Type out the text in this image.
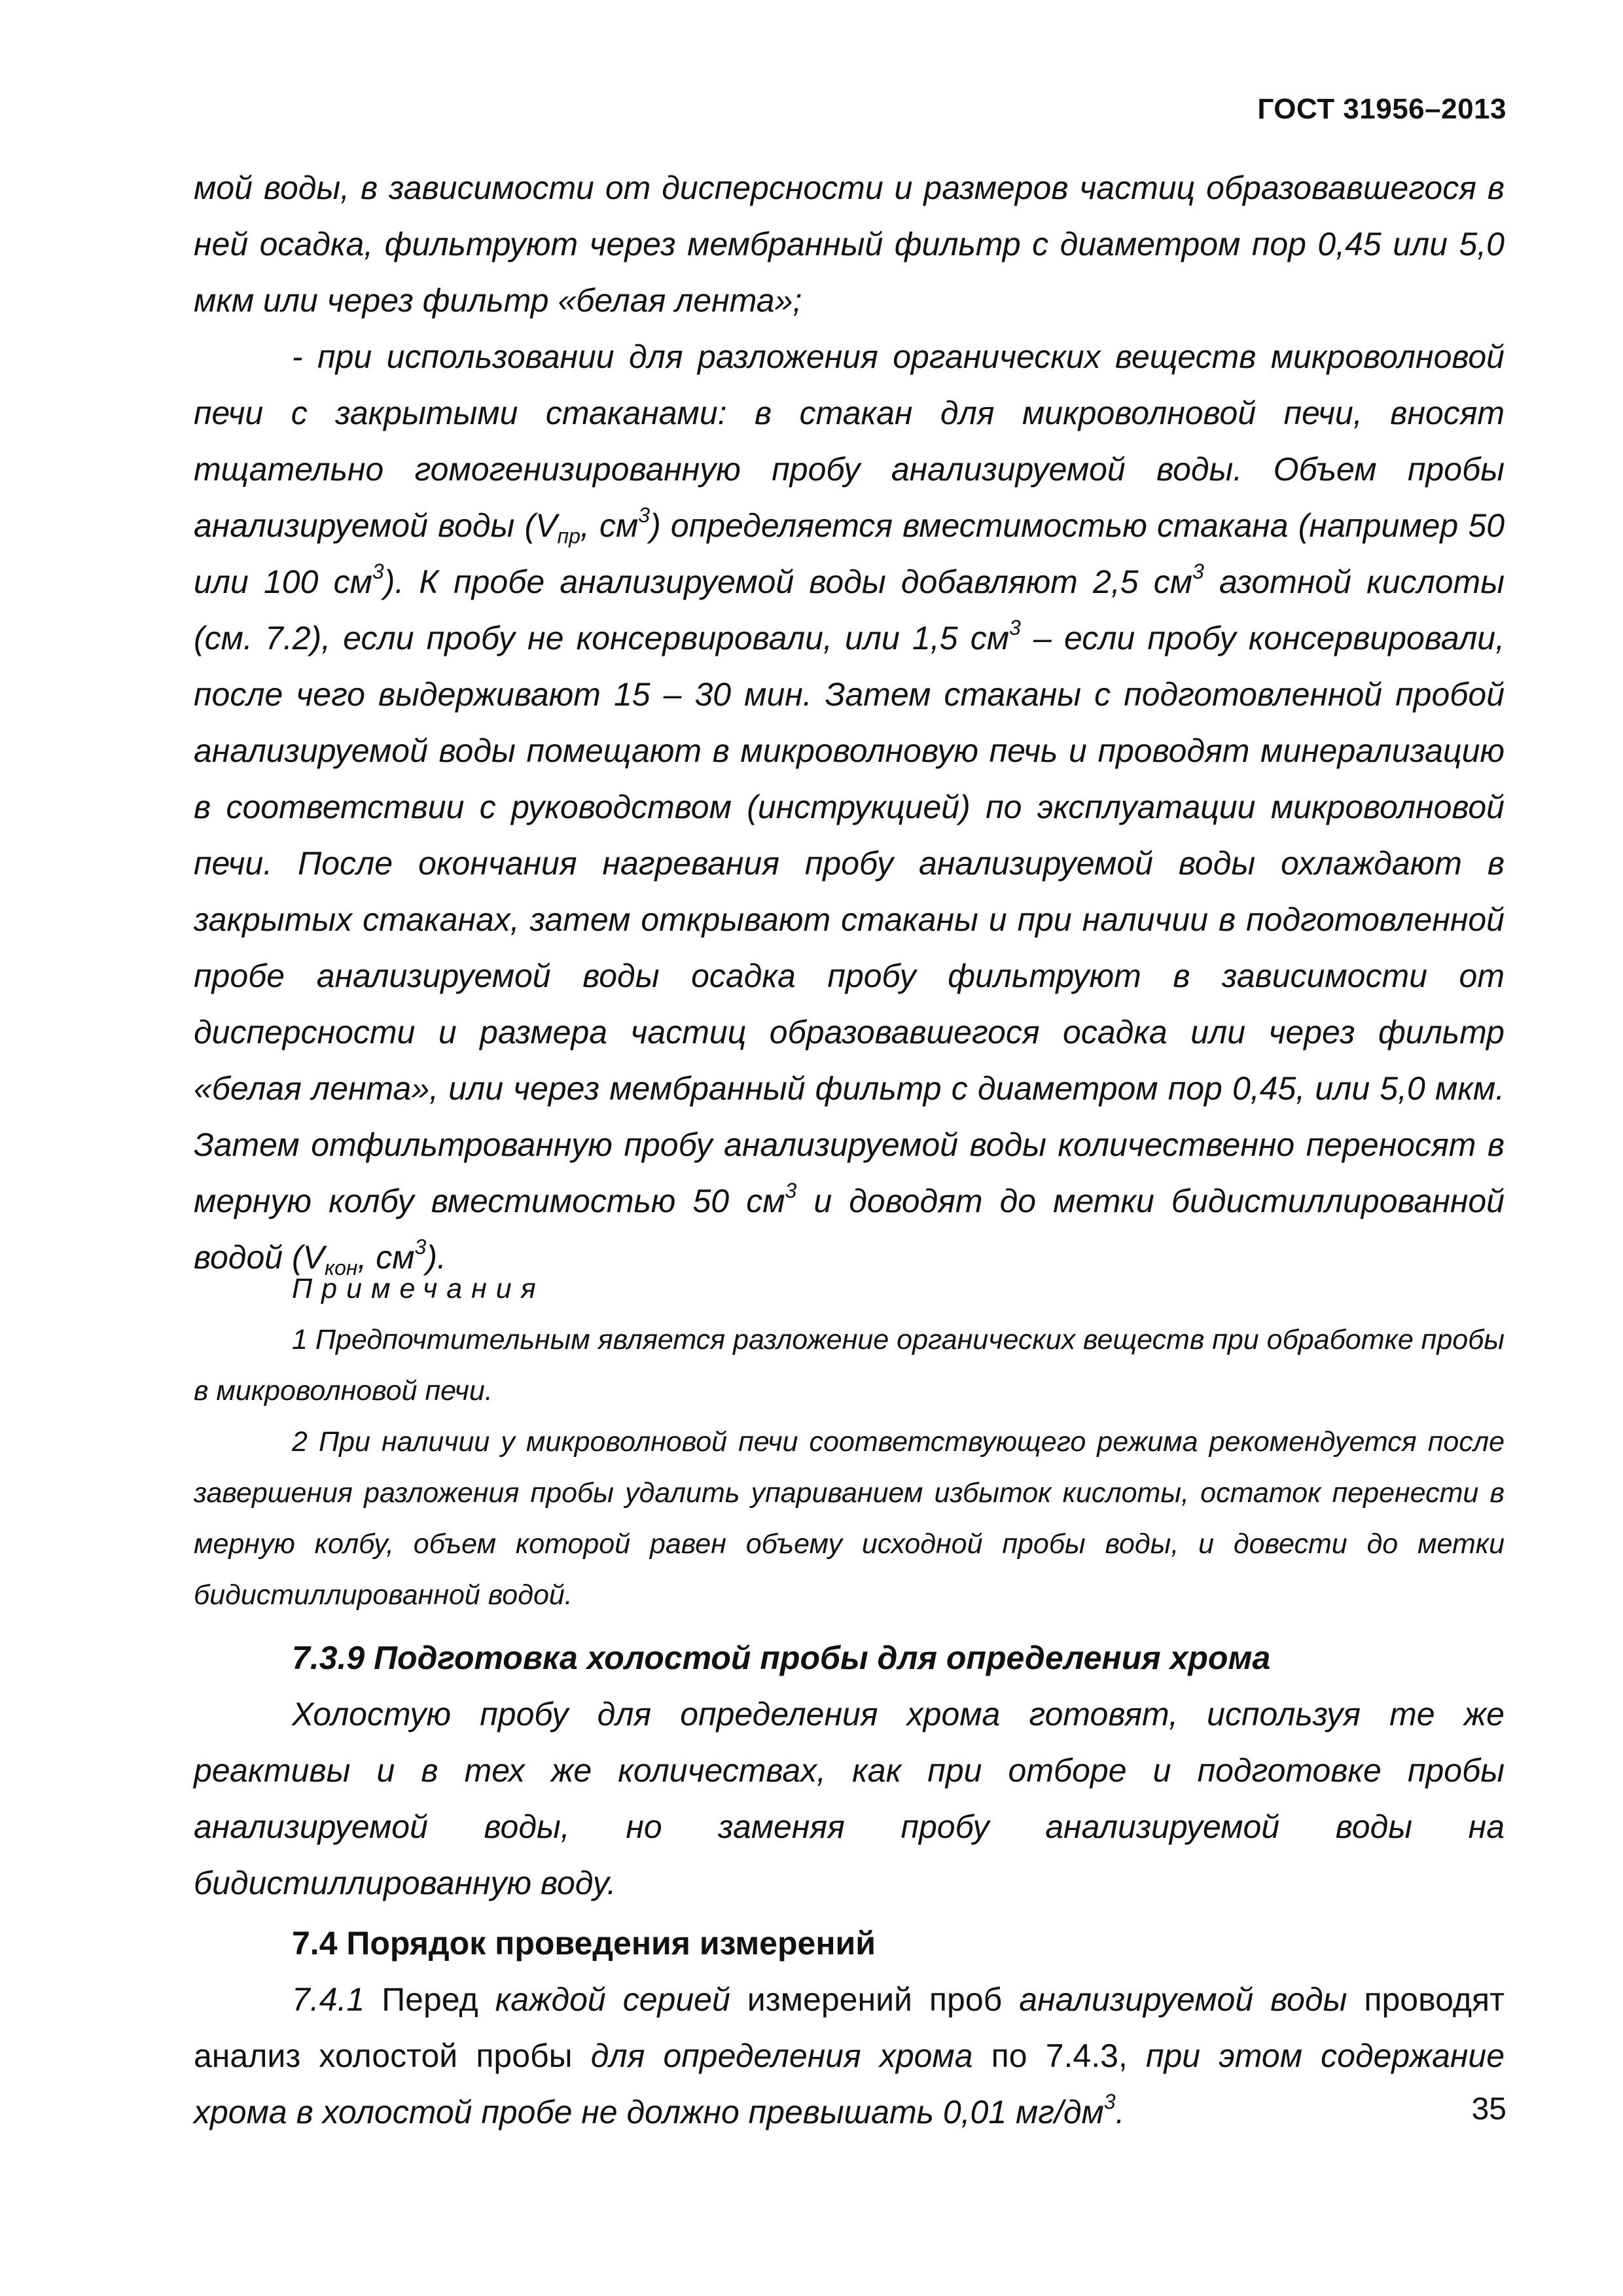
ГОСТ 31956–2013

мой воды, в зависимости от дисперсности и размеров частиц образовавшегося в ней осадка, фильтруют через мембранный фильтр с диаметром пор 0,45 или 5,0 мкм или через фильтр «белая лента»;

- при использовании для разложения органических веществ микроволновой печи с закрытыми стаканами: в стакан для микроволновой печи, вносят тщательно гомогенизированную пробу анализируемой воды. Объем пробы анализируемой воды ($V_{пр}$, $см^3$) определяется вместимостью стакана (например 50 или 100 $см^3$). К пробе анализируемой воды добавляют 2,5 $см^3$ азотной кислоты (см. 7.2), если пробу не консервировали, или 1,5 $см^3$ – если пробу консервировали, после чего выдерживают 15 – 30 мин. Затем стаканы с подготовленной пробой анализируемой воды помещают в микроволновую печь и проводят минерализацию в соответствии с руководством (инструкцией) по эксплуатации микроволновой печи. После окончания нагревания пробу анализируемой воды охлаждают в закрытых стаканах, затем открывают стаканы и при наличии в подготовленной пробе анализируемой воды осадка пробу фильтруют в зависимости от дисперсности и размера частиц образовавшегося осадка или через фильтр «белая лента», или через мембранный фильтр с диаметром пор 0,45, или 5,0 мкм. Затем отфильтрованную пробу анализируемой воды количественно переносят в мерную колбу вместимостью 50 $см^3$ и доводят до метки бидистиллированной водой ($V_{кон}$, $см^3$).

Примечания

1 Предпочтительным является разложение органических веществ при обработке пробы в микроволновой печи.

2 При наличии у микроволновой печи соответствующего режима рекомендуется после завершения разложения пробы удалить упариванием избыток кислоты, остаток перенести в мерную колбу, объем которой равен объему исходной пробы воды, и довести до метки бидистиллированной водой.

7.3.9 Подготовка холостой пробы для определения хрома

Холостую пробу для определения хрома готовят, используя те же реактивы и в тех же количествах, как при отборе и подготовке пробы анализируемой воды, но заменяя пробу анализируемой воды на бидистиллированную воду.

7.4 Порядок проведения измерений

7.4.1 Перед каждой серией измерений проб анализируемой воды проводят анализ холостой пробы для определения хрома по 7.4.3, при этом содержание хрома в холостой пробе не должно превышать 0,01 $мг/дм^3$.	35
